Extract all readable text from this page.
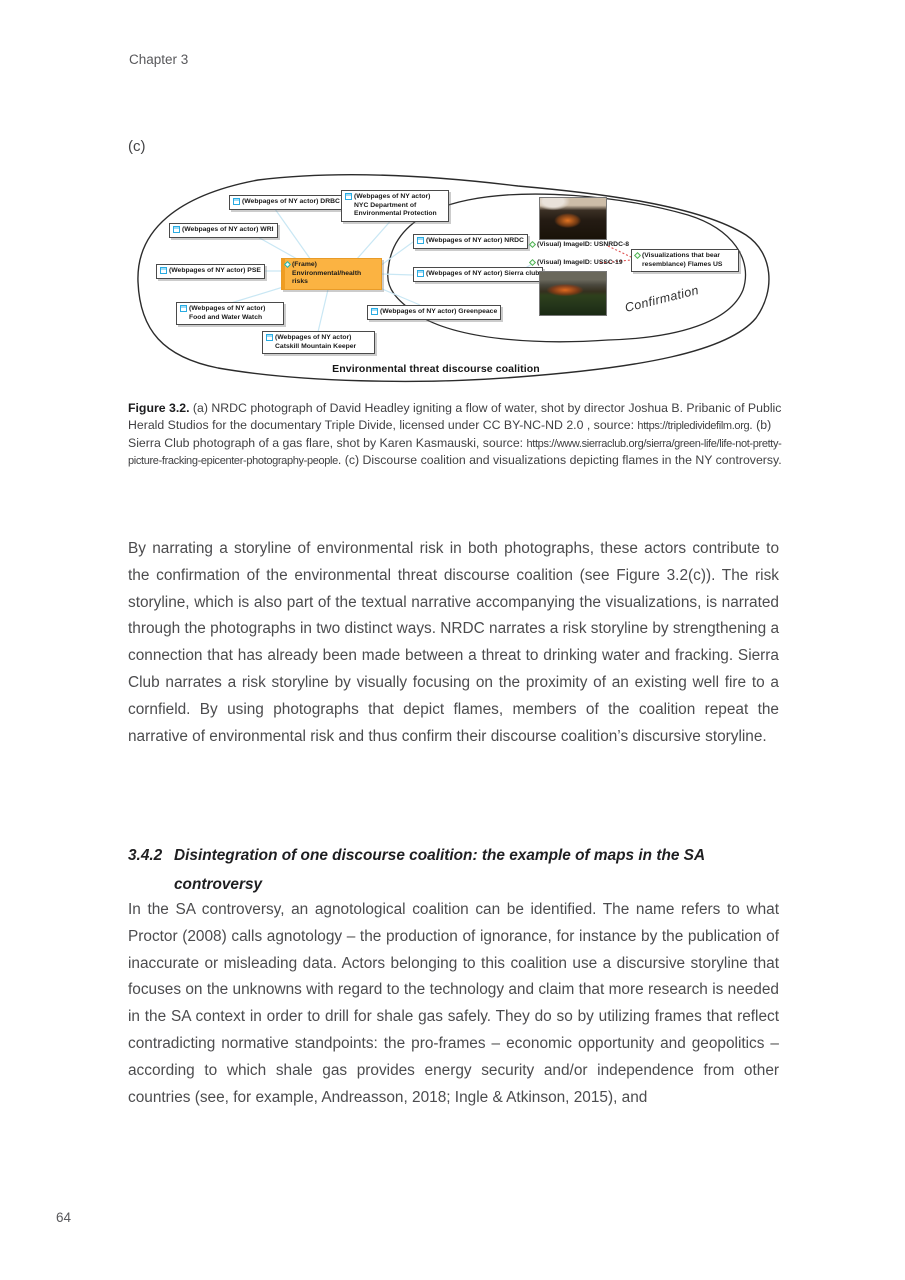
Chapter 3
(c)
(Webpages of NY actor) DRBC
(Webpages of NY actor) NYC Department of Environmental Protection
(Webpages of NY actor) WRI
(Webpages of NY actor) PSE
(Frame) Environmental/health risks
(Webpages of NY actor) NRDC
(Webpages of NY actor) Sierra club
(Webpages of NY actor) Food and Water Watch
(Webpages of NY actor) Greenpeace
(Webpages of NY actor) Catskill Mountain Keeper
(Visualizations that bear resemblance) Flames US
(Visual) ImageID: USNRDC-8
(Visual) ImageID: USSC-19
Environmental threat discourse coalition
Confirmation
Figure 3.2. (a) NRDC photograph of David Headley igniting a flow of water, shot by director Joshua B. Pribanic of Public Herald Studios for the documentary Triple Divide, licensed under CC BY-NC-ND 2.0 , source: https://tripledividefilm.org. (b) Sierra Club photograph of a gas flare, shot by Karen Kasmauski, source: https://www.sierraclub.org/sierra/green-life/life-not-pretty-picture-fracking-epicenter-photography-people. (c) Discourse coalition and visualizations depicting flames in the NY controversy.
By narrating a storyline of environmental risk in both photographs, these actors contribute to the confirmation of the environmental threat discourse coalition (see Figure 3.2(c)). The risk storyline, which is also part of the textual narrative accompanying the visualizations, is narrated through the photographs in two distinct ways. NRDC narrates a risk storyline by strengthening a connection that has already been made between a threat to drinking water and fracking. Sierra Club narrates a risk storyline by visually focusing on the proximity of an existing well fire to a cornfield. By using photographs that depict flames, members of the coalition repeat the narrative of environmental risk and thus confirm their discourse coalition’s discursive storyline.
3.4.2 Disintegration of one discourse coalition: the example of maps in the SA controversy
In the SA controversy, an agnotological coalition can be identified. The name refers to what Proctor (2008) calls agnotology – the production of ignorance, for instance by the publication of inaccurate or misleading data. Actors belonging to this coalition use a discursive storyline that focuses on the unknowns with regard to the technology and claim that more research is needed in the SA context in order to drill for shale gas safely. They do so by utilizing frames that reflect contradicting normative standpoints: the pro-frames – economic opportunity and geopolitics – according to which shale gas provides energy security and/or independence from other countries (see, for example, Andreasson, 2018; Ingle & Atkinson, 2015), and
64
